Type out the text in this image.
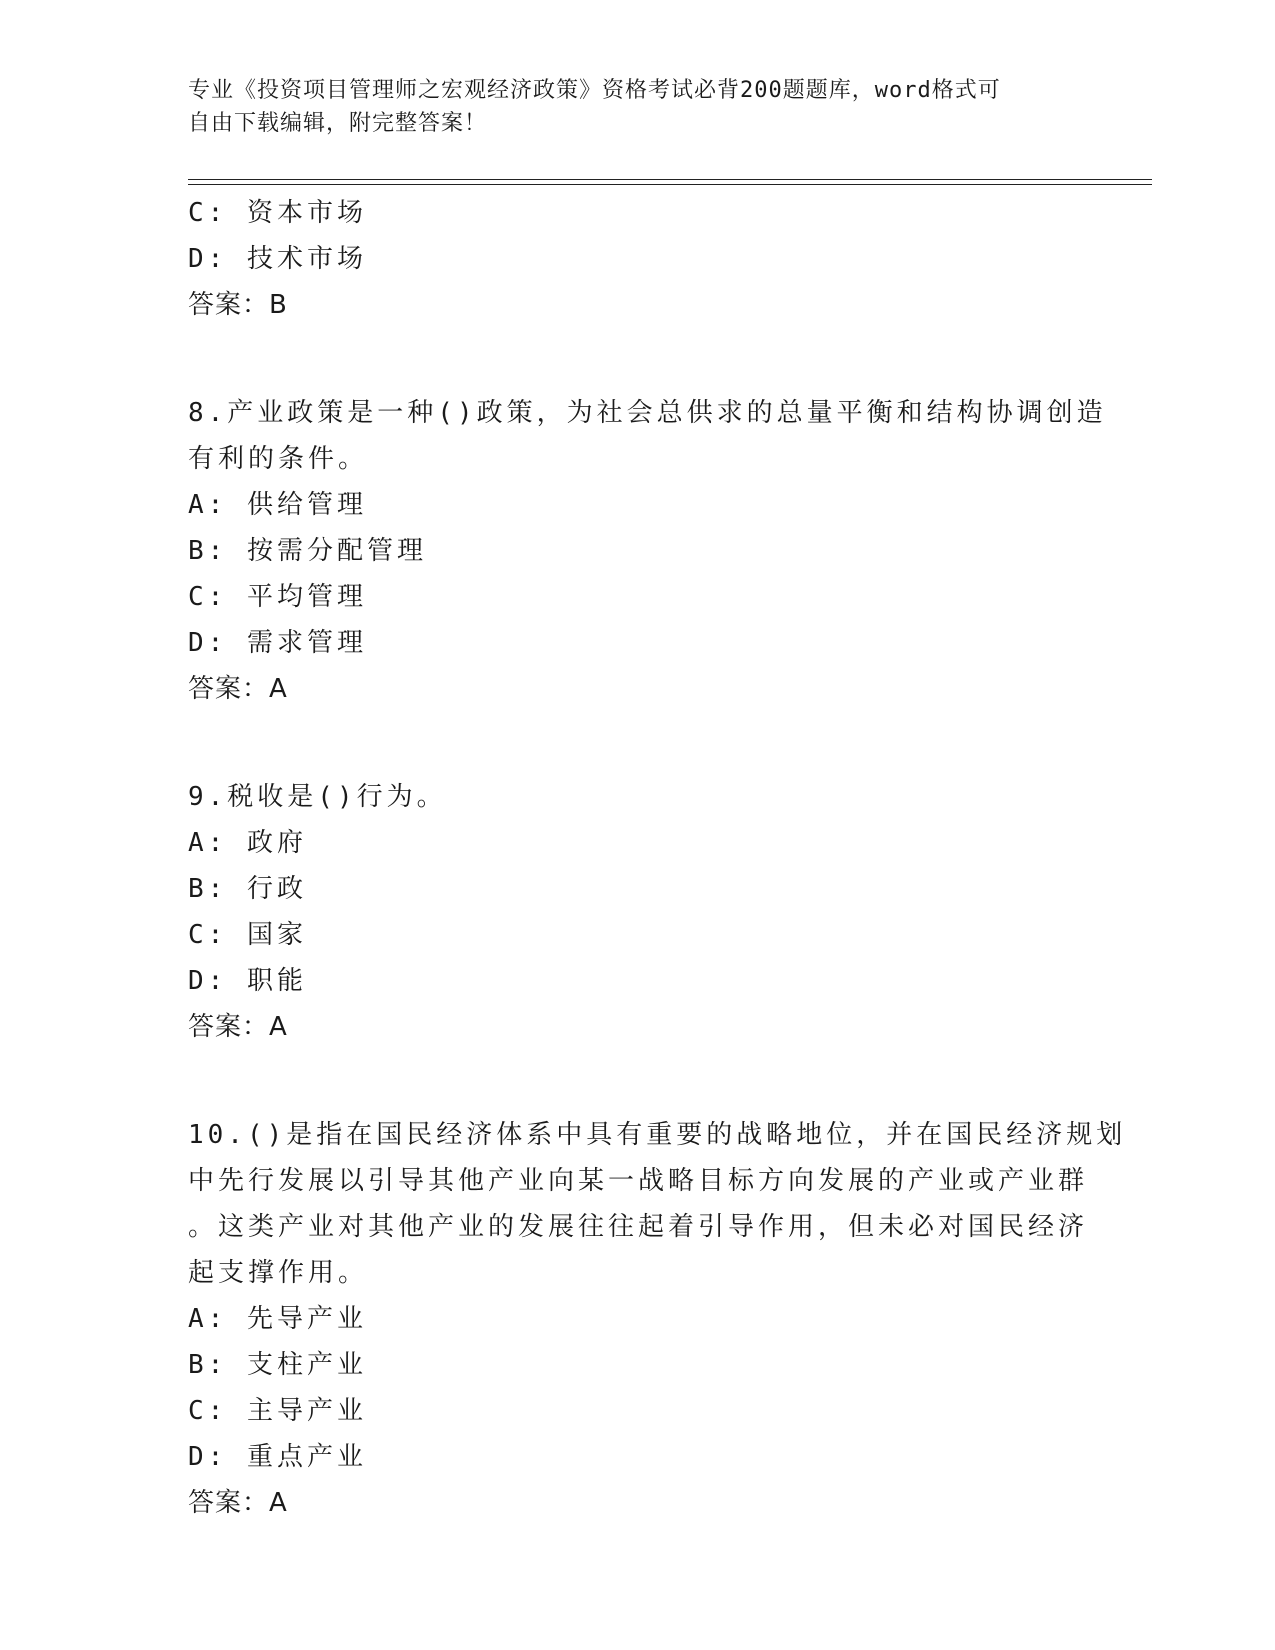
专业《投资项目管理师之宏观经济政策》资格考试必背200题题库，word格式可
自由下载编辑，附完整答案！
C: 资本市场
D: 技术市场
答案：B
8.产业政策是一种()政策，为社会总供求的总量平衡和结构协调创造
有利的条件。
A: 供给管理
B: 按需分配管理
C: 平均管理
D: 需求管理
答案：A
9.税收是()行为。
A: 政府
B: 行政
C: 国家
D: 职能
答案：A
10.()是指在国民经济体系中具有重要的战略地位，并在国民经济规划
中先行发展以引导其他产业向某一战略目标方向发展的产业或产业群
。这类产业对其他产业的发展往往起着引导作用，但未必对国民经济
起支撑作用。
A: 先导产业
B: 支柱产业
C: 主导产业
D: 重点产业
答案：A
